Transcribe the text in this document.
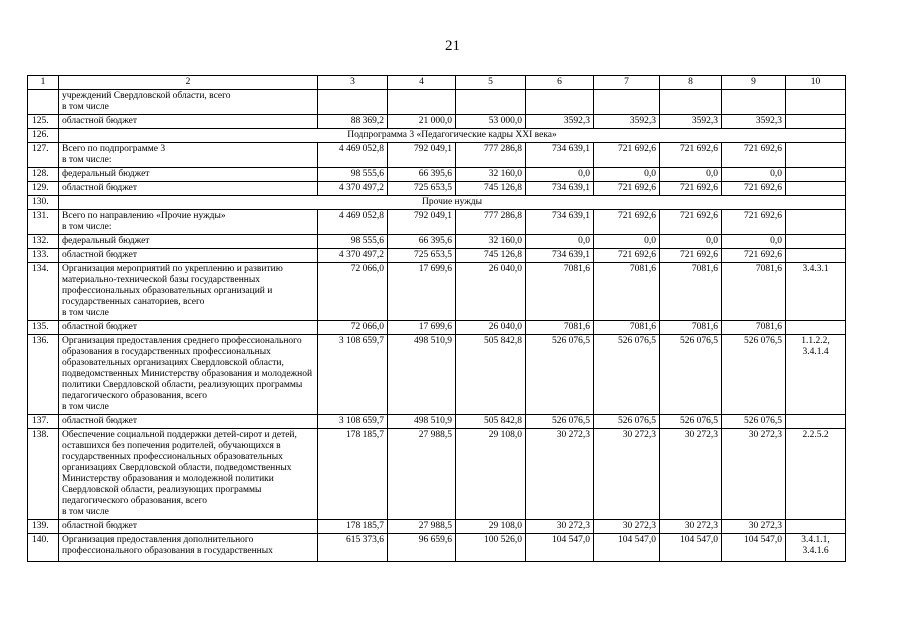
21
1	2	3	4	5	6	7	8	9	10
	учреждений Свердловской области, всего
в том числе								
125.	областной бюджет	88 369,2	21 000,0	53 000,0	3592,3	3592,3	3592,3	3592,3	
126.	Подпрограмма 3 «Педагогические кадры XXI века»								
127.	Всего по подпрограмме 3
в том числе:	4 469 052,8	792 049,1	777 286,8	734 639,1	721 692,6	721 692,6	721 692,6	
128.	федеральный бюджет	98 555,6	66 395,6	32 160,0	0,0	0,0	0,0	0,0	
129.	областной бюджет	4 370 497,2	725 653,5	745 126,8	734 639,1	721 692,6	721 692,6	721 692,6	
130.	Прочие нужды								
131.	Всего по направлению «Прочие нужды»
в том числе:	4 469 052,8	792 049,1	777 286,8	734 639,1	721 692,6	721 692,6	721 692,6	
132.	федеральный бюджет	98 555,6	66 395,6	32 160,0	0,0	0,0	0,0	0,0	
133.	областной бюджет	4 370 497,2	725 653,5	745 126,8	734 639,1	721 692,6	721 692,6	721 692,6	
134.	Организация мероприятий по укреплению и развитию материально-технической базы государственных профессиональных образовательных организаций и государственных санаториев, всего
в том числе	72 066,0	17 699,6	26 040,0	7081,6	7081,6	7081,6	7081,6	3.4.3.1
135.	областной бюджет	72 066,0	17 699,6	26 040,0	7081,6	7081,6	7081,6	7081,6	
136.	Организация предоставления среднего профессионального образования в государственных профессиональных образовательных организациях Свердловской области, подведомственных Министерству образования и молодежной политики Свердловской области, реализующих программы педагогического образования, всего
в том числе	3 108 659,7	498 510,9	505 842,8	526 076,5	526 076,5	526 076,5	526 076,5	1.1.2.2, 3.4.1.4
137.	областной бюджет	3 108 659,7	498 510,9	505 842,8	526 076,5	526 076,5	526 076,5	526 076,5	
138.	Обеспечение социальной поддержки детей-сирот и детей, оставшихся без попечения родителей, обучающихся в государственных профессиональных образовательных организациях Свердловской области, подведомственных Министерству образования и молодежной политики Свердловской области, реализующих программы педагогического образования, всего
в том числе	178 185,7	27 988,5	29 108,0	30 272,3	30 272,3	30 272,3	30 272,3	2.2.5.2
139.	областной бюджет	178 185,7	27 988,5	29 108,0	30 272,3	30 272,3	30 272,3	30 272,3	
140.	Организация предоставления дополнительного профессионального образования в государственных	615 373,6	96 659,6	100 526,0	104 547,0	104 547,0	104 547,0	104 547,0	3.4.1.1, 3.4.1.6
